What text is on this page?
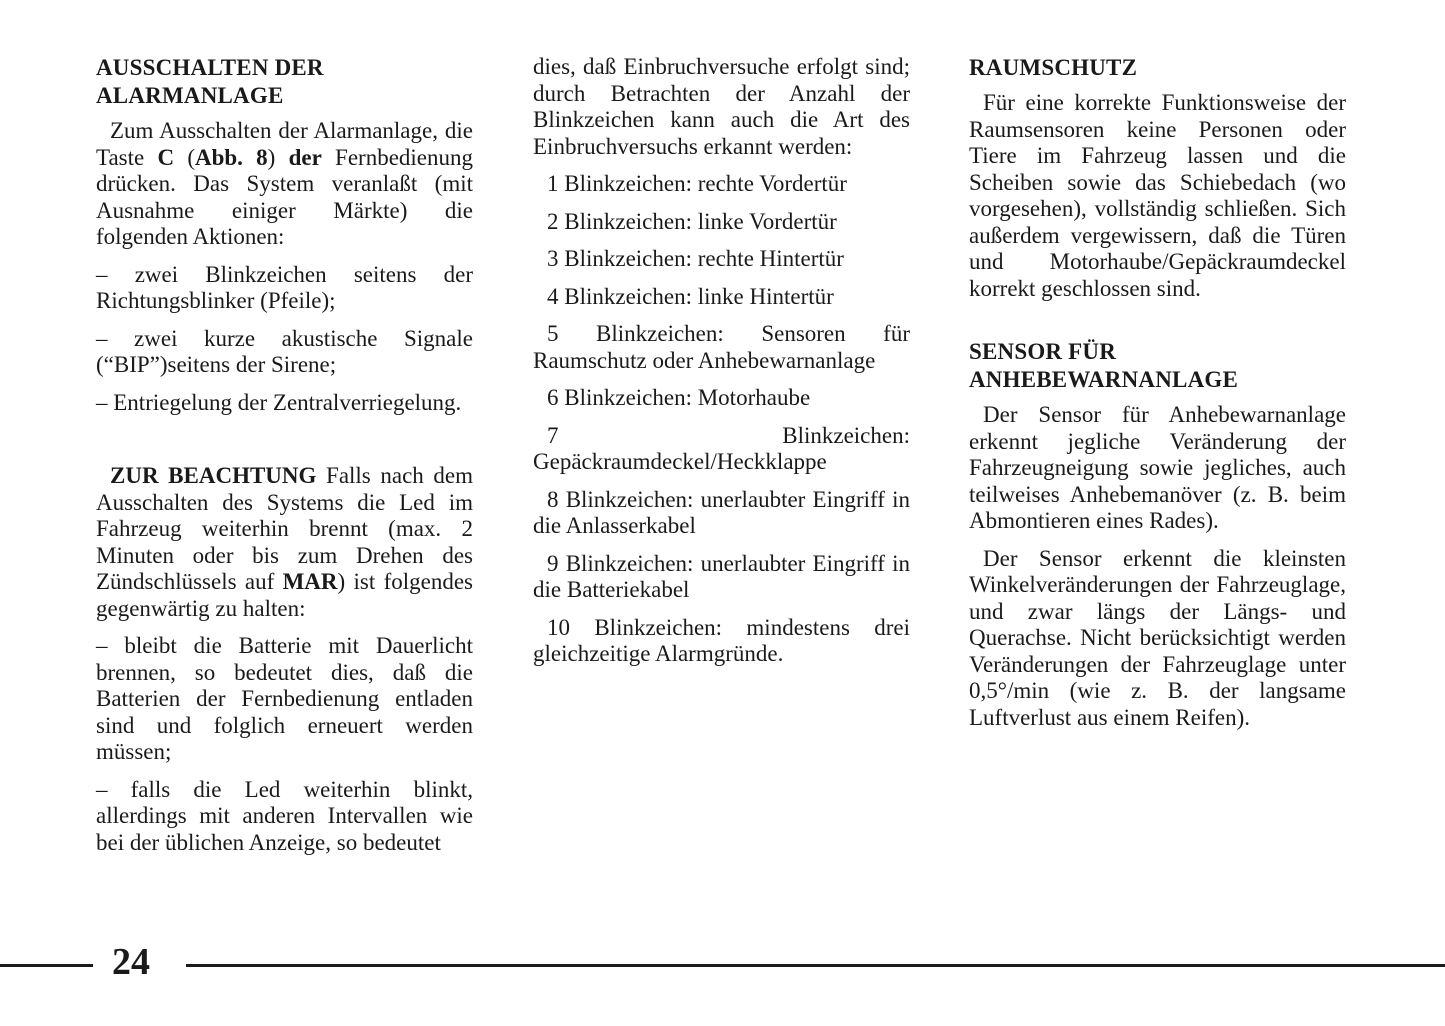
AUSSCHALTEN DER ALARMANLAGE

Zum Ausschalten der Alarmanlage, die Taste C (Abb. 8) der Fernbedienung drücken. Das System veranlaßt (mit Ausnahme einiger Märkte) die folgenden Aktionen:

– zwei Blinkzeichen seitens der Richtungsblinker (Pfeile);

– zwei kurze akustische Signale (“BIP”)seitens der Sirene;

– Entriegelung der Zentralverriegelung.

ZUR BEACHTUNG Falls nach dem Ausschalten des Systems die Led im Fahrzeug weiterhin brennt (max. 2 Minuten oder bis zum Drehen des Zündschlüssels auf MAR) ist folgendes gegenwärtig zu halten:

– bleibt die Batterie mit Dauerlicht brennen, so bedeutet dies, daß die Batterien der Fernbedienung entladen sind und folglich erneuert werden müssen;

– falls die Led weiterhin blinkt, allerdings mit anderen Intervallen wie bei der üblichen Anzeige, so bedeutet

dies, daß Einbruchversuche erfolgt sind; durch Betrachten der Anzahl der Blinkzeichen kann auch die Art des Einbruchversuchs erkannt werden:

1 Blinkzeichen: rechte Vordertür

2 Blinkzeichen: linke Vordertür

3 Blinkzeichen: rechte Hintertür

4 Blinkzeichen: linke Hintertür

5 Blinkzeichen: Sensoren für Raumschutz oder Anhebewarnanlage

6 Blinkzeichen: Motorhaube

7 Blinkzeichen: Gepäckraumdeckel/Heckklappe

8 Blinkzeichen: unerlaubter Eingriff in die Anlasserkabel

9 Blinkzeichen: unerlaubter Eingriff in die Batteriekabel

10 Blinkzeichen: mindestens drei gleichzeitige Alarmgründe.

RAUMSCHUTZ

Für eine korrekte Funktionsweise der Raumsensoren keine Personen oder Tiere im Fahrzeug lassen und die Scheiben sowie das Schiebedach (wo vorgesehen), vollständig schließen. Sich außerdem vergewissern, daß die Türen und Motorhaube/Gepäckraumdeckel korrekt geschlossen sind.

SENSOR FÜR ANHEBEWARNANLAGE

Der Sensor für Anhebewarnanlage erkennt jegliche Veränderung der Fahrzeugneigung sowie jegliches, auch teilweises Anhebemanöver (z. B. beim Abmontieren eines Rades).

Der Sensor erkennt die kleinsten Winkelveränderungen der Fahrzeuglage, und zwar längs der Längs- und Querachse. Nicht berücksichtigt werden Veränderungen der Fahrzeuglage unter 0,5°/min (wie z. B. der langsame Luftverlust aus einem Reifen).

24
